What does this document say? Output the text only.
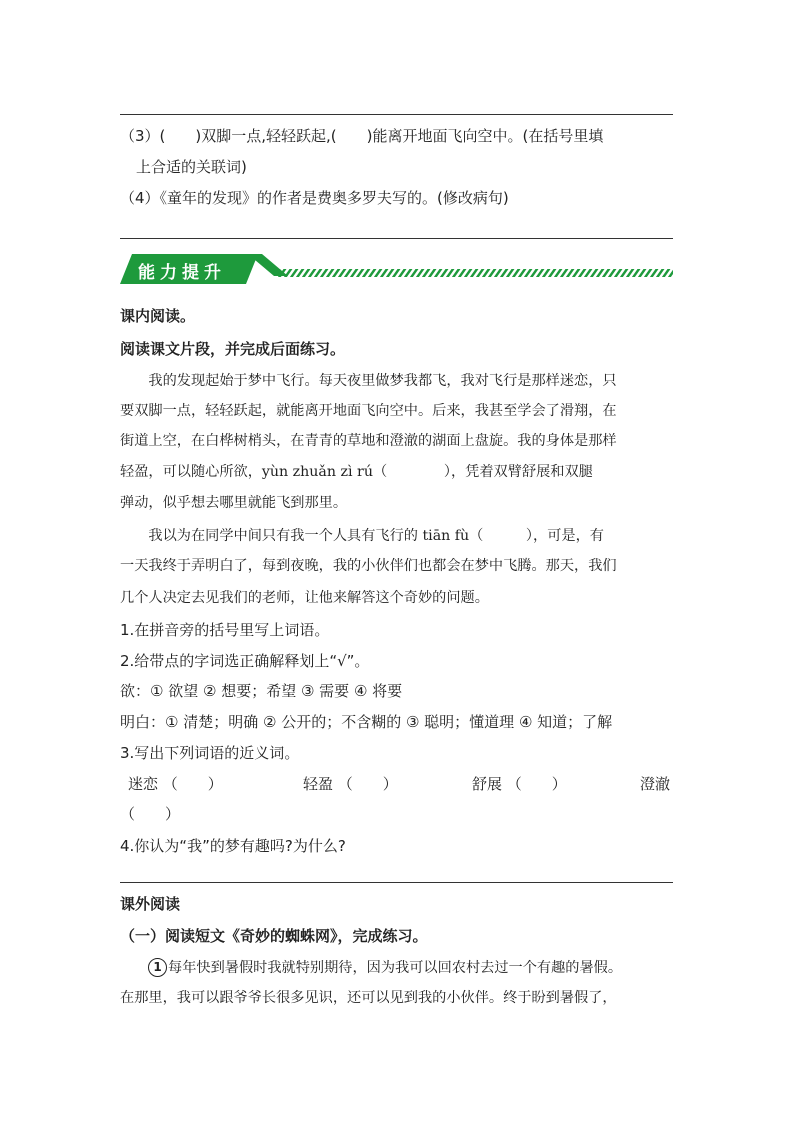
（3）(　　)双脚一点,轻轻跃起,(　　)能离开地面飞向空中。(在括号里填
上合适的关联词)
（4）《童年的发现》的作者是费奥多罗夫写的。(修改病句)
能力提升
课内阅读。
阅读课文片段，并完成后面练习。
　　我的发现起始于梦中飞行。每天夜里做梦我都飞，我对飞行是那样迷恋，只
要双脚一点，轻轻跃起，就能离开地面飞向空中。后来，我甚至学会了滑翔，在
街道上空，在白桦树梢头，在青青的草地和澄澈的湖面上盘旋。我的身体是那样
轻盈，可以随心所欲，yùn zhuǎn zì rú（　　　　），凭着双臂舒展和双腿
弹动，似乎想去哪里就能飞到那里。
　　我以为在同学中间只有我一个人具有飞行的 tiān fù（　　　），可是，有
一天我终于弄明白了，每到夜晚，我的小伙伴们也都会在梦中飞腾。那天，我们
几个人决定去见我们的老师，让他来解答这个奇妙的问题。
1.在拼音旁的括号里写上词语。
2.给带点的字词选正确解释划上“√”。
欲：① 欲望 ② 想要；希望 ③ 需要 ④ 将要
明白：① 清楚；明确 ② 公开的；不含糊的 ③ 聪明；懂道理 ④ 知道；了解
3.写出下列词语的近义词。
迷恋 （　　）	轻盈 （　　）	舒展 （　　）	澄澈
（　　）
4.你认为“我”的梦有趣吗?为什么?
课外阅读
（一）阅读短文《奇妙的蜘蛛网》，完成练习。
1 每年快到暑假时我就特别期待，因为我可以回农村去过一个有趣的暑假。
在那里，我可以跟爷爷长很多见识，还可以见到我的小伙伴。终于盼到暑假了，
